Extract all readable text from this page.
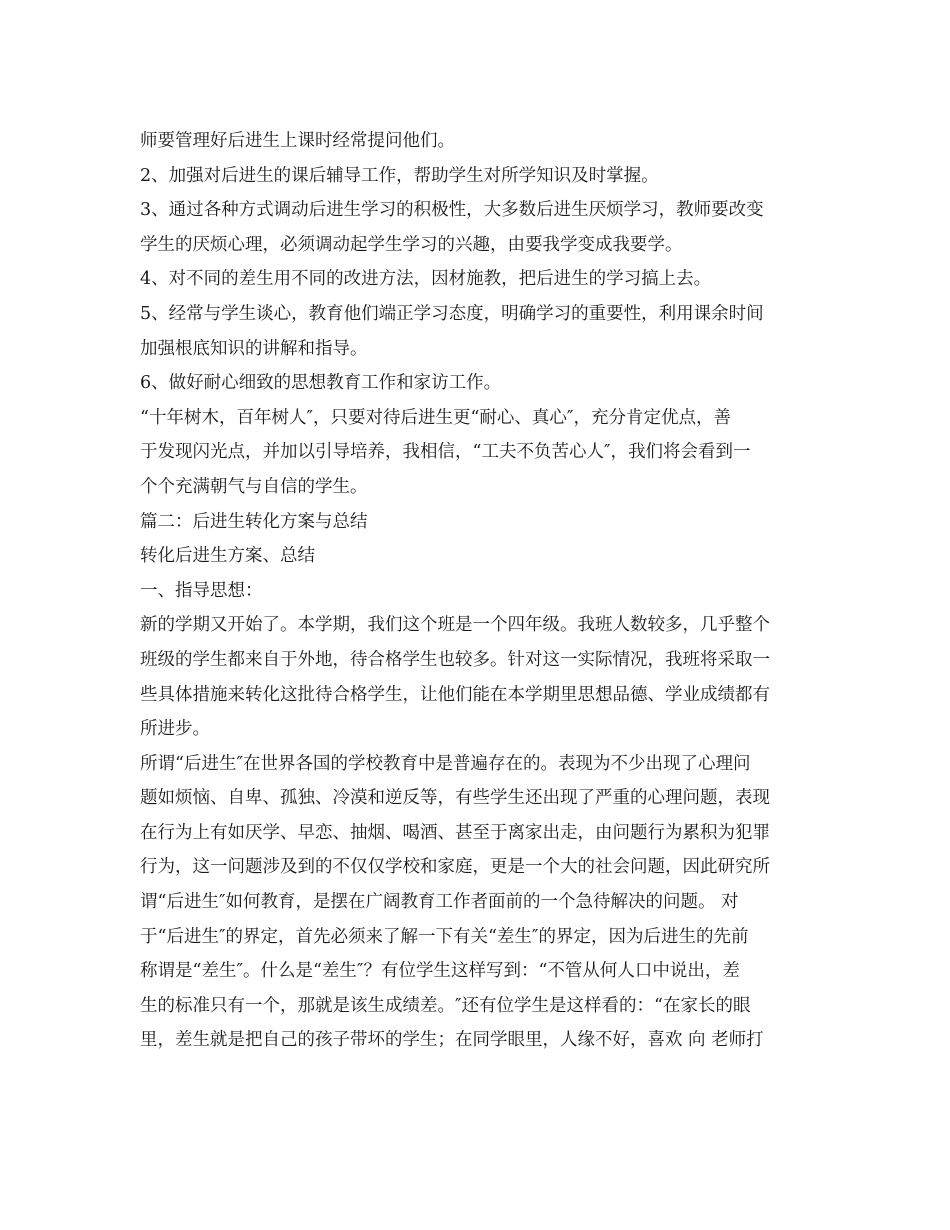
师要管理好后进生上课时经常提问他们。

2、加强对后进生的课后辅导工作，帮助学生对所学知识及时掌握。

3、通过各种方式调动后进生学习的积极性，大多数后进生厌烦学习，教师要改变

学生的厌烦心理，必须调动起学生学习的兴趣，由要我学变成我要学。

4、对不同的差生用不同的改进方法，因材施教，把后进生的学习搞上去。

5、经常与学生谈心，教育他们端正学习态度，明确学习的重要性，利用课余时间

加强根底知识的讲解和指导。

6、做好耐心细致的思想教育工作和家访工作。

“十年树木，百年树人″，只要对待后进生更“耐心、真心″，充分肯定优点，善

于发现闪光点，并加以引导培养，我相信，“工夫不负苦心人″，我们将会看到一

个个充满朝气与自信的学生。

篇二：后进生转化方案与总结

转化后进生方案、总结

一、指导思想：

新的学期又开始了。本学期，我们这个班是一个四年级。我班人数较多，几乎整个

班级的学生都来自于外地，待合格学生也较多。针对这一实际情况，我班将采取一

些具体措施来转化这批待合格学生，让他们能在本学期里思想品德、学业成绩都有

所进步。

所谓“后进生″在世界各国的学校教育中是普遍存在的。表现为不少出现了心理问

题如烦恼、自卑、孤独、冷漠和逆反等，有些学生还出现了严重的心理问题，表现

在行为上有如厌学、早恋、抽烟、喝酒、甚至于离家出走，由问题行为累积为犯罪

行为，这一问题涉及到的不仅仅学校和家庭，更是一个大的社会问题，因此研究所

谓“后进生″如何教育，是摆在广阔教育工作者面前的一个急待解决的问题。 对

于“后进生″的界定，首先必须来了解一下有关“差生″的界定，因为后进生的先前

称谓是“差生″。什么是“差生″？有位学生这样写到：“不管从何人口中说出，差

生的标准只有一个，那就是该生成绩差。″还有位学生是这样看的：“在家长的眼

里，差生就是把自己的孩子带坏的学生；在同学眼里，人缘不好，喜欢 向 老师打
